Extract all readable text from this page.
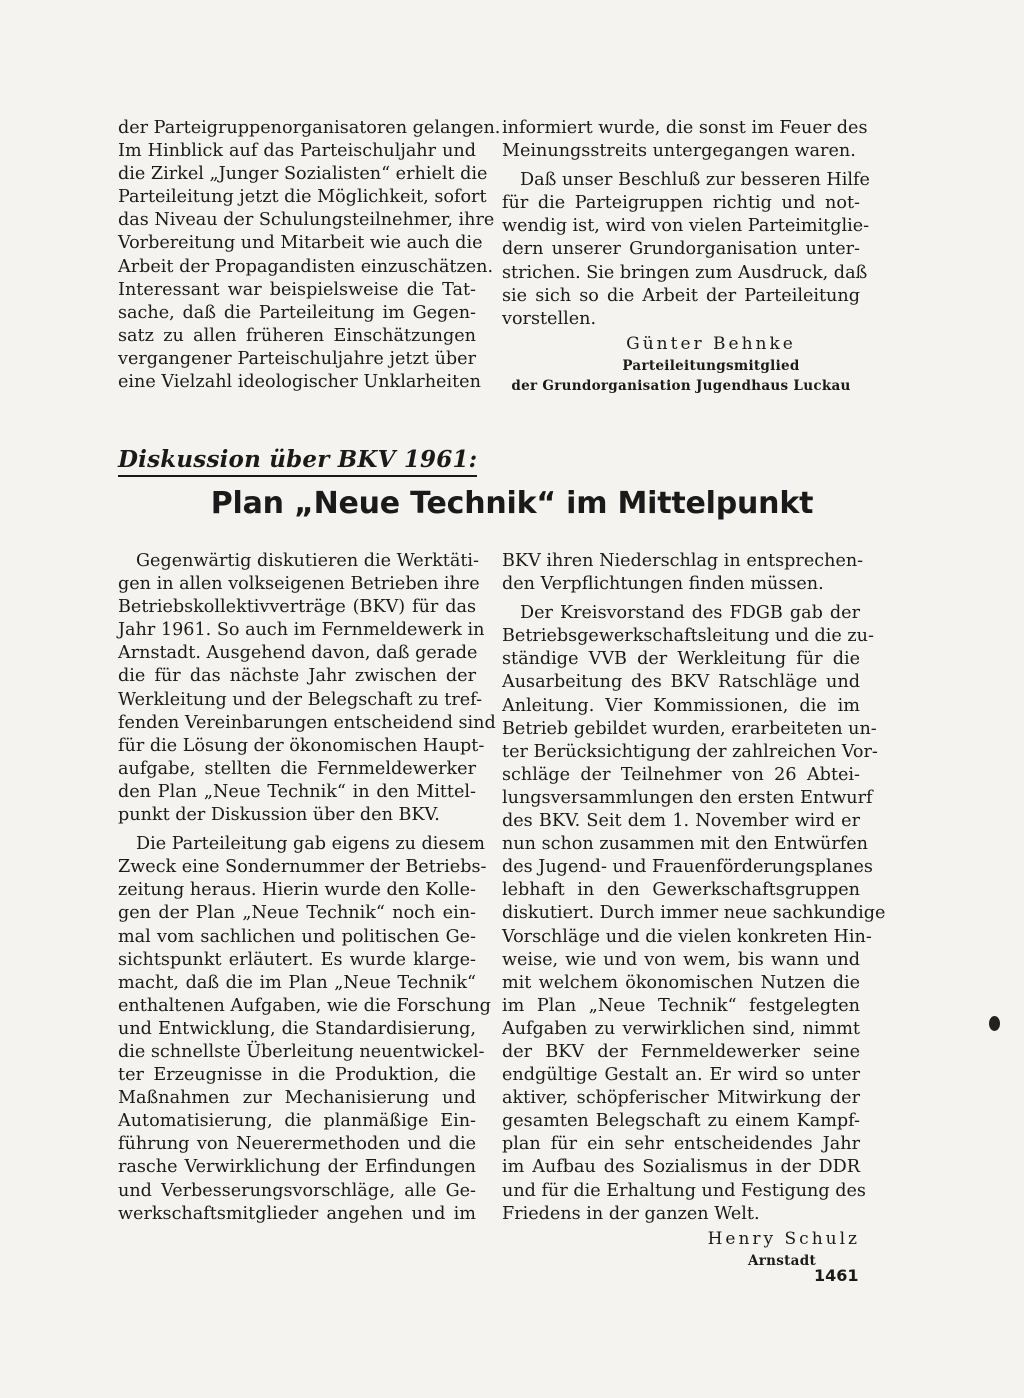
der Parteigruppenorganisatoren gelangen.
Im Hinblick auf das Parteischuljahr und
die Zirkel „Junger Sozialisten“ erhielt die
Parteileitung jetzt die Möglichkeit, sofort
das Niveau der Schulungsteilnehmer, ihre
Vorbereitung und Mitarbeit wie auch die
Arbeit der Propagandisten einzuschätzen.
Interessant war beispielsweise die Tat-
sache, daß die Parteileitung im Gegen-
satz zu allen früheren Einschätzungen
vergangener Parteischuljahre jetzt über
eine Vielzahl ideologischer Unklarheiten
informiert wurde, die sonst im Feuer des
Meinungsstreits untergegangen waren.
Daß unser Beschluß zur besseren Hilfe
für die Parteigruppen richtig und not-
wendig ist, wird von vielen Parteimitglie-
dern unserer Grundorganisation unter-
strichen. Sie bringen zum Ausdruck, daß
sie sich so die Arbeit der Parteileitung
vorstellen.
Günter Behnke
Parteileitungsmitglied
der Grundorganisation Jugendhaus Luckau
Diskussion über BKV 1961:
Plan „Neue Technik“ im Mittelpunkt
Gegenwärtig diskutieren die Werktäti-
gen in allen volkseigenen Betrieben ihre
Betriebskollektivverträge (BKV) für das
Jahr 1961. So auch im Fernmeldewerk in
Arnstadt. Ausgehend davon, daß gerade
die für das nächste Jahr zwischen der
Werkleitung und der Belegschaft zu tref-
fenden Vereinbarungen entscheidend sind
für die Lösung der ökonomischen Haupt-
aufgabe, stellten die Fernmeldewerker
den Plan „Neue Technik“ in den Mittel-
punkt der Diskussion über den BKV.
Die Parteileitung gab eigens zu diesem
Zweck eine Sondernummer der Betriebs-
zeitung heraus. Hierin wurde den Kolle-
gen der Plan „Neue Technik“ noch ein-
mal vom sachlichen und politischen Ge-
sichtspunkt erläutert. Es wurde klarge-
macht, daß die im Plan „Neue Technik“
enthaltenen Aufgaben, wie die Forschung
und Entwicklung, die Standardisierung,
die schnellste Überleitung neuentwickel-
ter Erzeugnisse in die Produktion, die
Maßnahmen zur Mechanisierung und
Automatisierung, die planmäßige Ein-
führung von Neuerermethoden und die
rasche Verwirklichung der Erfindungen
und Verbesserungsvorschläge, alle Ge-
werkschaftsmitglieder angehen und im
BKV ihren Niederschlag in entsprechen-
den Verpflichtungen finden müssen.
Der Kreisvorstand des FDGB gab der
Betriebsgewerkschaftsleitung und die zu-
ständige VVB der Werkleitung für die
Ausarbeitung des BKV Ratschläge und
Anleitung. Vier Kommissionen, die im
Betrieb gebildet wurden, erarbeiteten un-
ter Berücksichtigung der zahlreichen Vor-
schläge der Teilnehmer von 26 Abtei-
lungsversammlungen den ersten Entwurf
des BKV. Seit dem 1. November wird er
nun schon zusammen mit den Entwürfen
des Jugend- und Frauenförderungsplanes
lebhaft in den Gewerkschaftsgruppen
diskutiert. Durch immer neue sachkundige
Vorschläge und die vielen konkreten Hin-
weise, wie und von wem, bis wann und
mit welchem ökonomischen Nutzen die
im Plan „Neue Technik“ festgelegten
Aufgaben zu verwirklichen sind, nimmt
der BKV der Fernmeldewerker seine
endgültige Gestalt an. Er wird so unter
aktiver, schöpferischer Mitwirkung der
gesamten Belegschaft zu einem Kampf-
plan für ein sehr entscheidendes Jahr
im Aufbau des Sozialismus in der DDR
und für die Erhaltung und Festigung des
Friedens in der ganzen Welt.
Henry Schulz
Arnstadt
1461
